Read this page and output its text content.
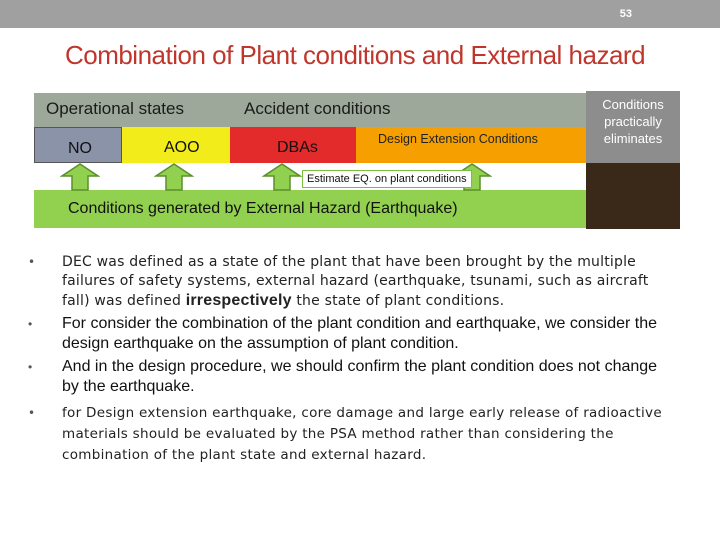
53
Combination of Plant conditions and External hazard
Operational states	Accident conditions
NO	AOO	DBAs	Design Extension Conditions
Conditions practically eliminates
Conditions generated by External Hazard (Earthquake)
Estimate EQ. on plant conditions
• DEC was defined as a state of the plant that have been brought by the multiple failures of safety systems, external hazard (earthquake, tsunami, such as aircraft fall) was defined irrespectively the state of plant conditions.
• For consider the combination of the plant condition and earthquake, we consider the design earthquake on the assumption of plant condition.
• And in the design procedure, we should confirm the plant condition does not change by the earthquake.
• for Design extension earthquake, core damage and large early release of radioactive materials should be evaluated by the PSA method rather than considering the combination of the plant state and external hazard.
